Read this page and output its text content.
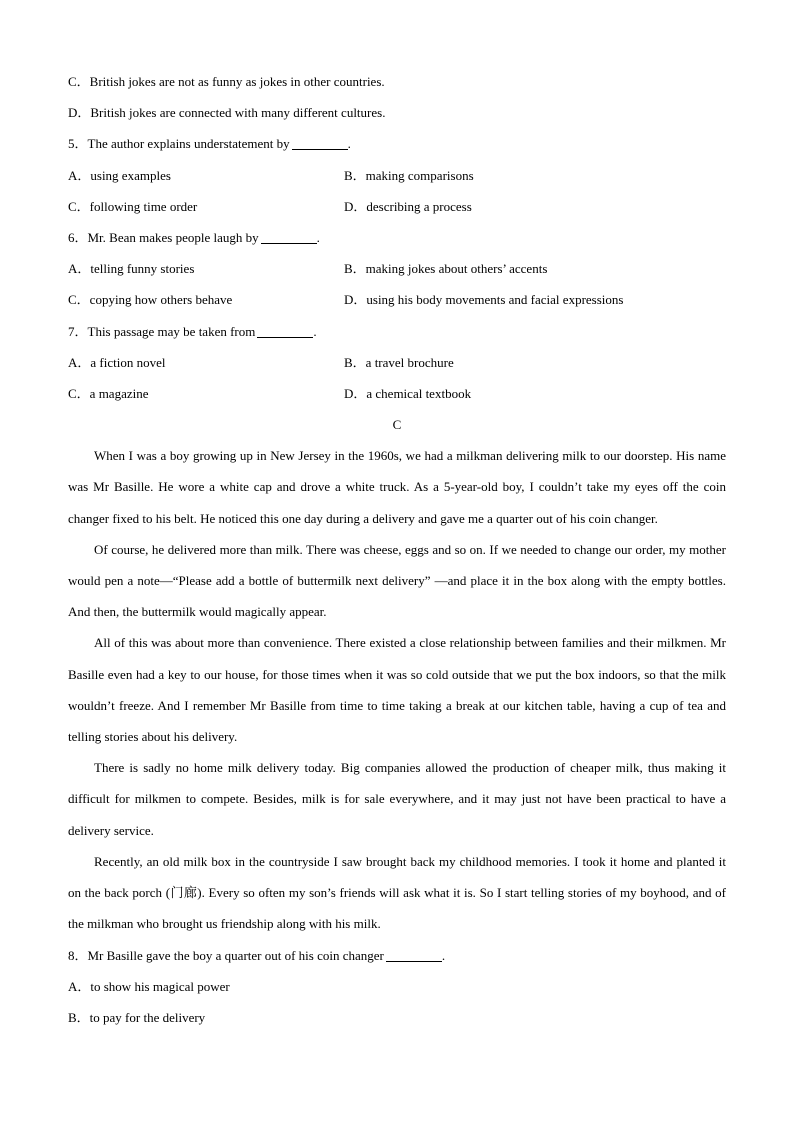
C．British jokes are not as funny as jokes in other countries.
D．British jokes are connected with many different cultures.
5．The author explains understatement by	.
A．using examples	B．making comparisons
C．following time order	D．describing a process
6．Mr. Bean makes people laugh by	.
A．telling funny stories	B．making jokes about others’ accents
C．copying how others behave	D．using his body movements and facial expressions
7．This passage may be taken from	.
A．a fiction novel	B．a travel brochure
C．a magazine	D．a chemical textbook
C

When I was a boy growing up in New Jersey in the 1960s, we had a milkman delivering milk to our doorstep. His name was Mr Basille. He wore a white cap and drove a white truck. As a 5-year-old boy, I couldn’t take my eyes off the coin changer fixed to his belt. He noticed this one day during a delivery and gave me a quarter out of his coin changer.

Of course, he delivered more than milk. There was cheese, eggs and so on. If we needed to change our order, my mother would pen a note—“Please add a bottle of buttermilk next delivery” —and place it in the box along with the empty bottles. And then, the buttermilk would magically appear.

All of this was about more than convenience. There existed a close relationship between families and their milkmen. Mr Basille even had a key to our house, for those times when it was so cold outside that we put the box indoors, so that the milk wouldn’t freeze. And I remember Mr Basille from time to time taking a break at our kitchen table, having a cup of tea and telling stories about his delivery.

There is sadly no home milk delivery today. Big companies allowed the production of cheaper milk, thus making it difficult for milkmen to compete. Besides, milk is for sale everywhere, and it may just not have been practical to have a delivery service.

Recently, an old milk box in the countryside I saw brought back my childhood memories. I took it home and planted it on the back porch (门廊). Every so often my son’s friends will ask what it is. So I start telling stories of my boyhood, and of the milkman who brought us friendship along with his milk.

8．Mr Basille gave the boy a quarter out of his coin changer	.
A．to show his magical power
B．to pay for the delivery
